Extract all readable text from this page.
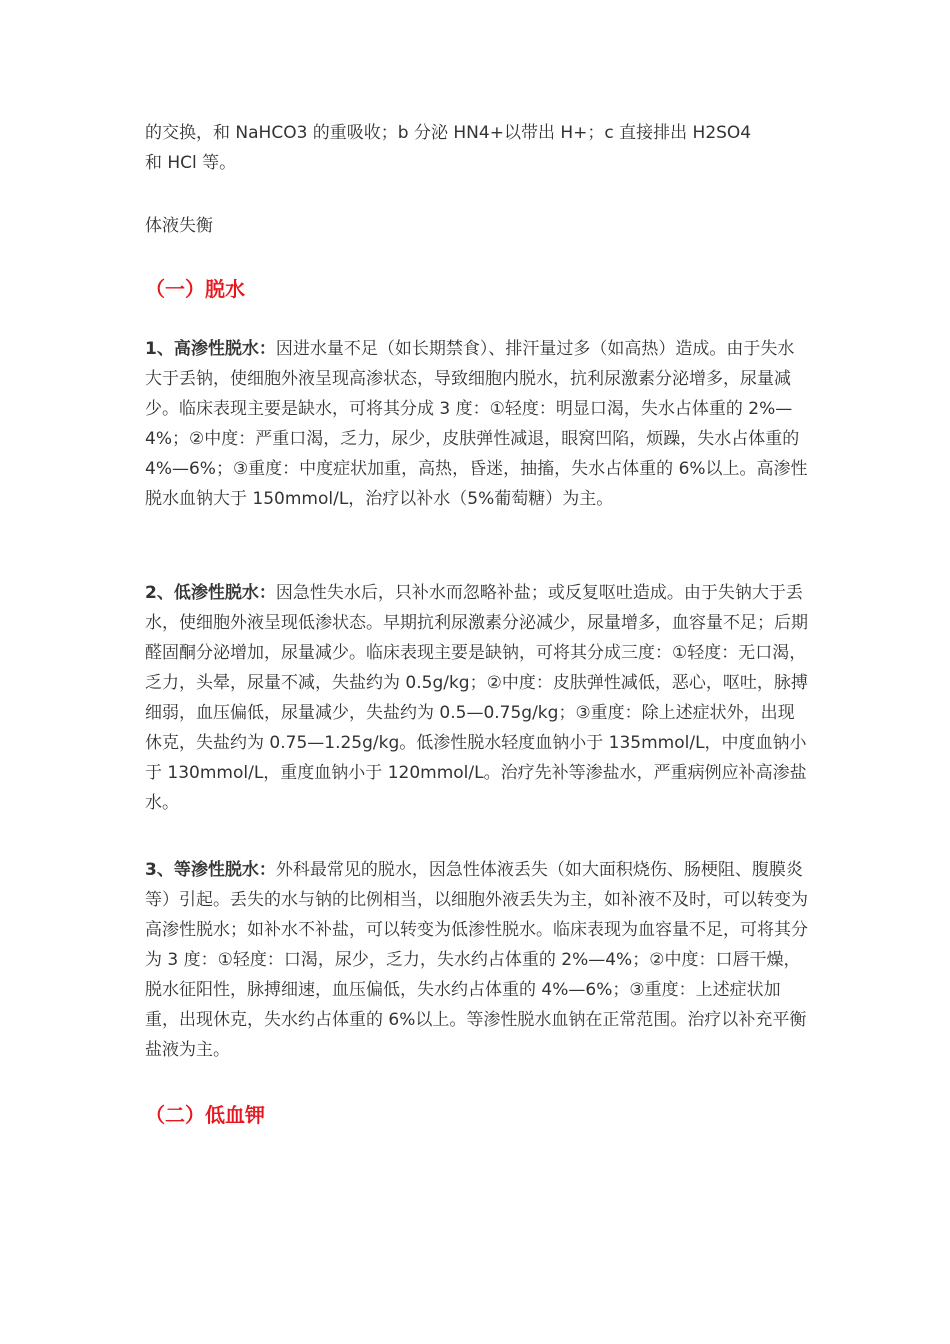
的交换，和 NaHCO3 的重吸收；b 分泌 HN4+以带出 H+；c 直接排出 H2SO4
和 HCl 等。

体液失衡

（一）脱水

1、高渗性脱水：因进水量不足（如长期禁食）、排汗量过多（如高热）造成。由于失水大于丢钠，使细胞外液呈现高渗状态，导致细胞内脱水，抗利尿激素分泌增多，尿量减少。临床表现主要是缺水，可将其分成 3 度：①轻度：明显口渴，失水占体重的 2%—4%；②中度：严重口渴，乏力，尿少，皮肤弹性减退，眼窝凹陷，烦躁，失水占体重的 4%—6%；③重度：中度症状加重，高热，昏迷，抽搐，失水占体重的 6%以上。高渗性脱水血钠大于 150mmol/L，治疗以补水（5%葡萄糖）为主。

2、低渗性脱水：因急性失水后，只补水而忽略补盐；或反复呕吐造成。由于失钠大于丢水，使细胞外液呈现低渗状态。早期抗利尿激素分泌减少，尿量增多，血容量不足；后期醛固酮分泌增加，尿量减少。临床表现主要是缺钠，可将其分成三度：①轻度：无口渴，乏力，头晕，尿量不减，失盐约为 0.5g/kg；②中度：皮肤弹性减低，恶心，呕吐，脉搏细弱，血压偏低，尿量减少，失盐约为 0.5—0.75g/kg；③重度：除上述症状外，出现休克，失盐约为 0.75—1.25g/kg。低渗性脱水轻度血钠小于 135mmol/L，中度血钠小于 130mmol/L，重度血钠小于 120mmol/L。治疗先补等渗盐水，严重病例应补高渗盐水。

3、等渗性脱水：外科最常见的脱水，因急性体液丢失（如大面积烧伤、肠梗阻、腹膜炎等）引起。丢失的水与钠的比例相当，以细胞外液丢失为主，如补液不及时，可以转变为高渗性脱水；如补水不补盐，可以转变为低渗性脱水。临床表现为血容量不足，可将其分为 3 度：①轻度：口渴，尿少，乏力，失水约占体重的 2%—4%；②中度：口唇干燥，脱水征阳性，脉搏细速，血压偏低，失水约占体重的 4%—6%；③重度：上述症状加重，出现休克，失水约占体重的 6%以上。等渗性脱水血钠在正常范围。治疗以补充平衡盐液为主。

（二）低血钾
